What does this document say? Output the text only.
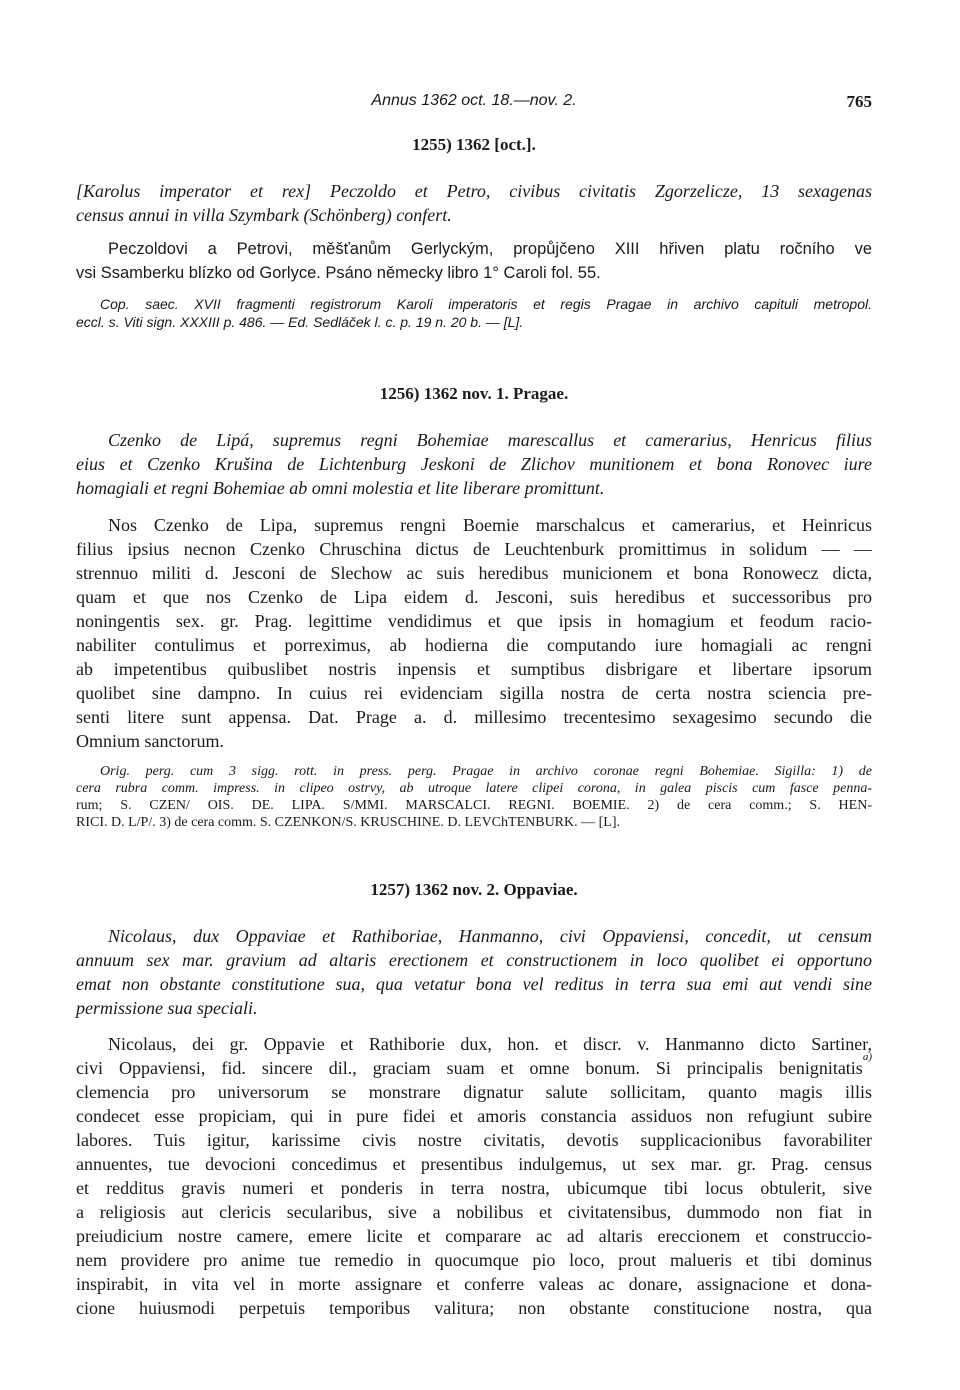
Annus 1362 oct. 18.—nov. 2.	765
1255) 1362 [oct.].
[Karolus imperator et rex] Peczoldo et Petro, civibus civitatis Zgorzelicze, 13 sexagenas
census annui in villa Szymbark (Schönberg) confert.
Peczoldovi a Petrovi, měšťanům Gerlyckým, propůjčeno XIII hřiven platu ročního ve
vsi Ssamberku blízko od Gorlyce. Psáno německy libro 1° Caroli fol. 55.
Cop. saec. XVII fragmenti registrorum Karoli imperatoris et regis Pragae in archivo capituli metropol.
eccl. s. Viti sign. XXXIII p. 486. — Ed. Sedláček l. c. p. 19 n. 20 b. — [L].
1256) 1362 nov. 1. Pragae.
Czenko de Lipá, supremus regni Bohemiae marescallus et camerarius, Henricus filius
eius et Czenko Krušina de Lichtenburg Jeskoni de Zlichov munitionem et bona Ronovec iure
homagiali et regni Bohemiae ab omni molestia et lite liberare promittunt.
Nos Czenko de Lipa, supremus rengni Boemie marschalcus et camerarius, et Heinricus
filius ipsius necnon Czenko Chruschina dictus de Leuchtenburk promittimus in solidum — —
strennuo militi d. Jesconi de Slechow ac suis heredibus municionem et bona Ronowecz dicta,
quam et que nos Czenko de Lipa eidem d. Jesconi, suis heredibus et successoribus pro
noningentis sex. gr. Prag. legittime vendidimus et que ipsis in homagium et feodum racio-
nabiliter contulimus et porreximus, ab hodierna die computando iure homagiali ac rengni
ab impetentibus quibuslibet nostris inpensis et sumptibus disbrigare et libertare ipsorum
quolibet sine dampno. In cuius rei evidenciam sigilla nostra de certa nostra sciencia pre-
senti litere sunt appensa. Dat. Prage a. d. millesimo trecentesimo sexagesimo secundo die
Omnium sanctorum.
Orig. perg. cum 3 sigg. rott. in press. perg. Pragae in archivo coronae regni Bohemiae. Sigilla: 1) de
cera rubra comm. impress. in clipeo ostrvy, ab utroque latere clipei corona, in galea piscis cum fasce penna-
rum; S. CZEN/ OIS. DE. LIPA. S/MMI. MARSCALCI. REGNI. BOEMIE. 2) de cera comm.; S. HEN-
RICI. D. L/P/. 3) de cera comm. S. CZENKON/S. KRUSCHINE. D. LEVChTENBURK. — [L].
1257) 1362 nov. 2. Oppaviae.
Nicolaus, dux Oppaviae et Rathiboriae, Hanmanno, civi Oppaviensi, concedit, ut censum
annuum sex mar. gravium ad altaris erectionem et constructionem in loco quolibet ei opportuno
emat non obstante constitutione sua, qua vetatur bona vel reditus in terra sua emi aut vendi sine
permissione sua speciali.
Nicolaus, dei gr. Oppavie et Rathiborie dux, hon. et discr. v. Hanmanno dicto Sartiner,
civi Oppaviensi, fid. sincere dil., graciam suam et omne bonum. Si principalis benignitatis
a)
clemencia pro universorum se monstrare dignatur salute sollicitam, quanto magis illis
condecet esse propiciam, qui in pure fidei et amoris constancia assiduos non refugiunt subire
labores. Tuis igitur, karissime civis nostre civitatis, devotis supplicacionibus favorabiliter
annuentes, tue devocioni concedimus et presentibus indulgemus, ut sex mar. gr. Prag. census
et redditus gravis numeri et ponderis in terra nostra, ubicumque tibi locus obtulerit, sive
a religiosis aut clericis secularibus, sive a nobilibus et civitatensibus, dummodo non fiat in
preiudicium nostre camere, emere licite et comparare ac ad altaris ereccionem et construccio-
nem providere pro anime tue remedio in quocumque pio loco, prout malueris et tibi dominus
inspirabit, in vita vel in morte assignare et conferre valeas ac donare, assignacione et dona-
cione huiusmodi perpetuis temporibus valitura; non obstante constitucione nostra, qua
